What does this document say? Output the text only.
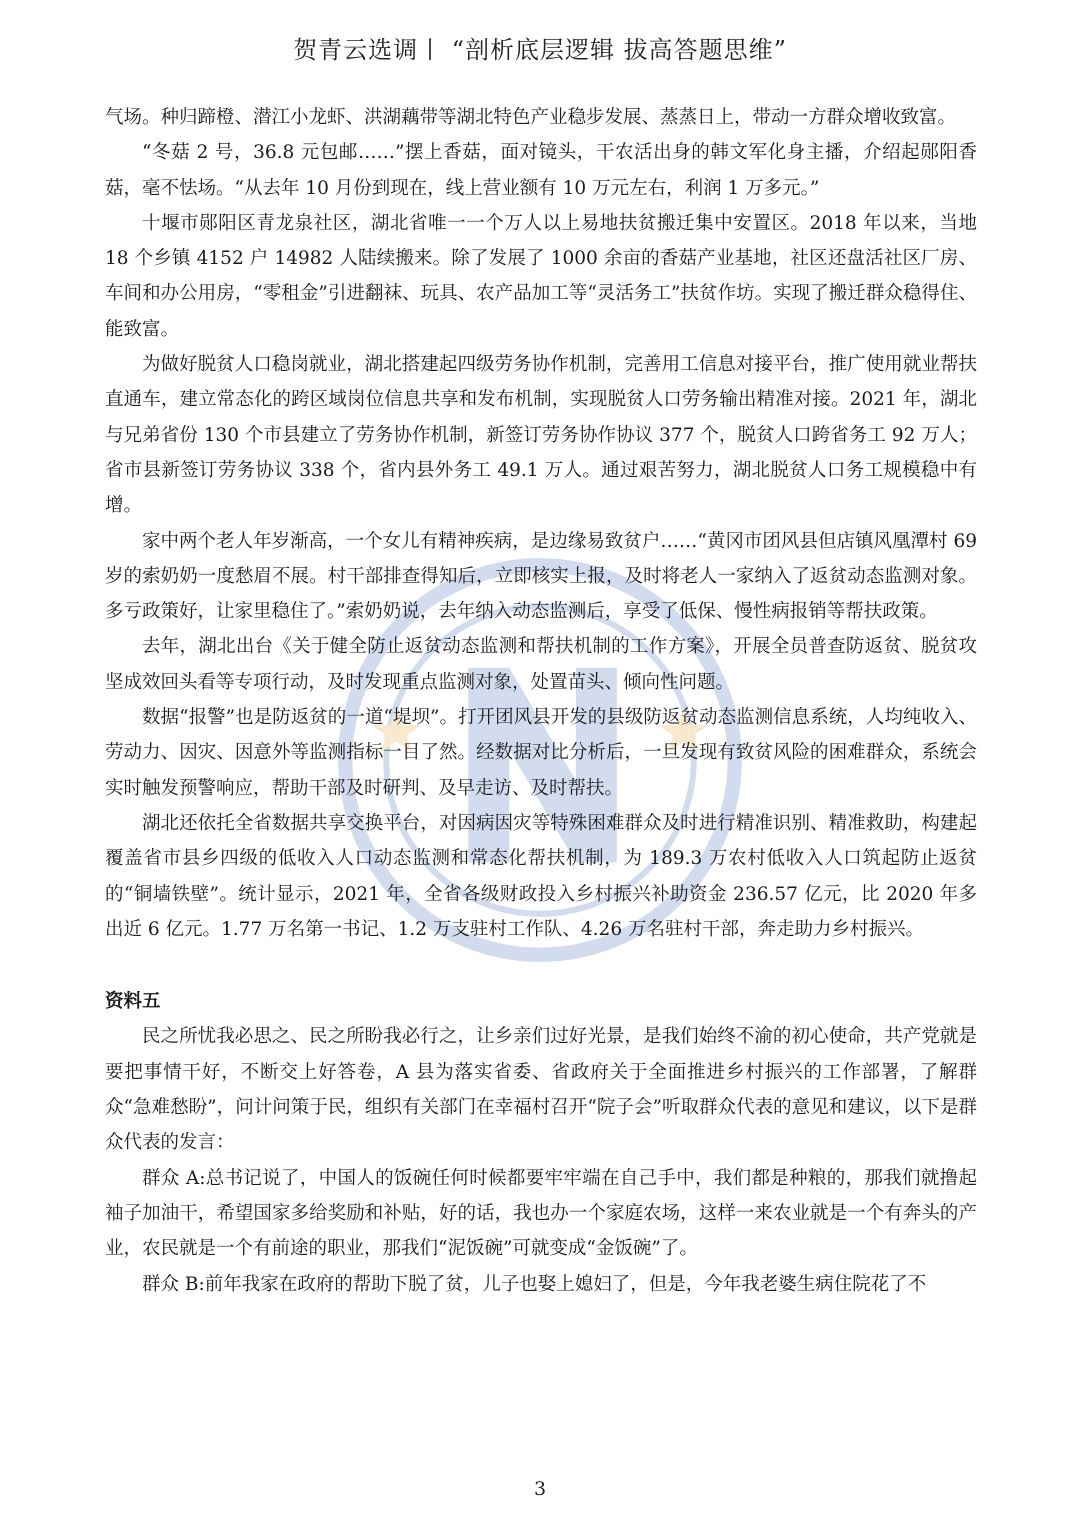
贺青云选调丨 “剖析底层逻辑 拔高答题思维”

气场。种归蹄橙、潜江小龙虾、洪湖藕带等湖北特色产业稳步发展、蒸蒸日上，带动一方群众增收致富。

“冬菇 2 号，36.8 元包邮……”摆上香菇，面对镜头，干农活出身的韩文军化身主播，介绍起郧阳香菇，毫不怯场。“从去年 10 月份到现在，线上营业额有 10 万元左右，利润 1 万多元。”

十堰市郧阳区青龙泉社区，湖北省唯一一个万人以上易地扶贫搬迁集中安置区。2018 年以来，当地 18 个乡镇 4152 户 14982 人陆续搬来。除了发展了 1000 余亩的香菇产业基地，社区还盘活社区厂房、车间和办公用房，“零租金”引进翻袜、玩具、农产品加工等“灵活务工”扶贫作坊。实现了搬迁群众稳得住、能致富。

为做好脱贫人口稳岗就业，湖北搭建起四级劳务协作机制，完善用工信息对接平台，推广使用就业帮扶直通车，建立常态化的跨区域岗位信息共享和发布机制，实现脱贫人口劳务输出精准对接。2021 年，湖北与兄弟省份 130 个市县建立了劳务协作机制，新签订劳务协作协议 377 个，脱贫人口跨省务工 92 万人；省市县新签订劳务协议 338 个，省内县外务工 49.1 万人。通过艰苦努力，湖北脱贫人口务工规模稳中有增。

家中两个老人年岁渐高，一个女儿有精神疾病，是边缘易致贫户……“黄冈市团风县但店镇风凰潭村 69 岁的索奶奶一度愁眉不展。村干部排查得知后，立即核实上报，及时将老人一家纳入了返贫动态监测对象。多亏政策好，让家里稳住了。”索奶奶说，去年纳入动态监测后，享受了低保、慢性病报销等帮扶政策。

去年，湖北出台《关于健全防止返贫动态监测和帮扶机制的工作方案》，开展全员普查防返贫、脱贫攻坚成效回头看等专项行动，及时发现重点监测对象，处置苗头、倾向性问题。

数据“报警”也是防返贫的一道“堤坝”。打开团风县开发的县级防返贫动态监测信息系统，人均纯收入、劳动力、因灾、因意外等监测指标一目了然。经数据对比分析后，一旦发现有致贫风险的困难群众，系统会实时触发预警响应，帮助干部及时研判、及早走访、及时帮扶。

湖北还依托全省数据共享交换平台，对因病因灾等特殊困难群众及时进行精准识别、精准救助，构建起覆盖省市县乡四级的低收入人口动态监测和常态化帮扶机制，为 189.3 万农村低收入人口筑起防止返贫的“铜墙铁壁”。统计显示，2021 年，全省各级财政投入乡村振兴补助资金 236.57 亿元，比 2020 年多出近 6 亿元。1.77 万名第一书记、1.2 万支驻村工作队、4.26 万名驻村干部，奔走助力乡村振兴。

资料五

民之所忧我必思之、民之所盼我必行之，让乡亲们过好光景，是我们始终不渝的初心使命，共产党就是要把事情干好，不断交上好答卷，A 县为落实省委、省政府关于全面推进乡村振兴的工作部署，了解群众“急难愁盼”，问计问策于民，组织有关部门在幸福村召开“院子会”听取群众代表的意见和建议，以下是群众代表的发言：

群众 A:总书记说了，中国人的饭碗任何时候都要牢牢端在自己手中，我们都是种粮的，那我们就撸起袖子加油干，希望国家多给奖励和补贴，好的话，我也办一个家庭农场，这样一来农业就是一个有奔头的产业，农民就是一个有前途的职业，那我们“泥饭碗”可就变成“金饭碗”了。

群众 B:前年我家在政府的帮助下脱了贫，儿子也娶上媳妇了，但是，今年我老婆生病住院花了不

3
